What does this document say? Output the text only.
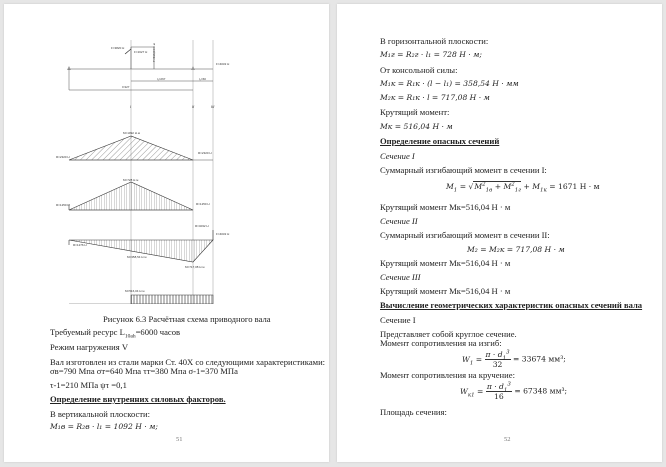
F=3820 Н
F=1627 Н T=516,04 Н·м
F=4032 Н
l₁=267	l₂=60
l=327
I	II	III
M=1092 Н·м
R=2320 Н
R=2320 Н
M=728 Н·м
R=1250 Н	R=1250 Н
R=1276 Н
M=358,54 Н·м
M=717,08 Н·м
R=4032 Н
F=4032 Н
M=516,04 Н·м
Рисунок 6.3 Расчётная схема приводного вала
Требуемый ресурс $L_{10ah}=6000$ часов
Режим нагружения V
Вал изготовлен из стали марки Ст. 40Х со следующими характеристиками:
σв=790 Мпа σт=640 Мпа τт=380 Мпа σ-1=370 МПа
τ-1=210 МПа ψτ =0,1
Определение внутренних силовых факторов.
В вертикальной плоскости:
M₁в = R₂в · l₁ = 1092 Н · м;
51
В горизонтальной плоскости:
M₁г = R₂г · l₁ = 728 Н · м;
От консольной силы:
M₁к = R₁к · (l − l₁) = 358,54 Н · мм
M₂к = R₁к · l = 717,08 Н · м
Крутящий момент:
Mк = 516,04 Н · м
Определение опасных сечений
Сечение I
Суммарный изгибающий момент в сечении I:
$M_1 = √M^2_{1в} + M^2_{1г} + M_{1к} = 1671$ Н · м
Крутящий момент Мк=516,04 Н · м
Сечение II
Суммарный изгибающий момент в сечении II:
M₂ = M₂к = 717,08 Н · м
Крутящий момент Мк=516,04 Н · м
Сечение III
Крутящий момент Мк=516,04 Н · м
Вычисление геометрических характеристик опасных сечений вала
Сечение I
Представляет собой круглое сечение.
Момент сопротивления на изгиб:
$W_1 = \frac{\pi \cdot d_1^3}{32} = 33674$ мм³;
Момент сопротивления на кручение:
$W_{к1} = \frac{\pi \cdot d_1^3}{16} = 67348$ мм³;
Площадь сечения:
52
